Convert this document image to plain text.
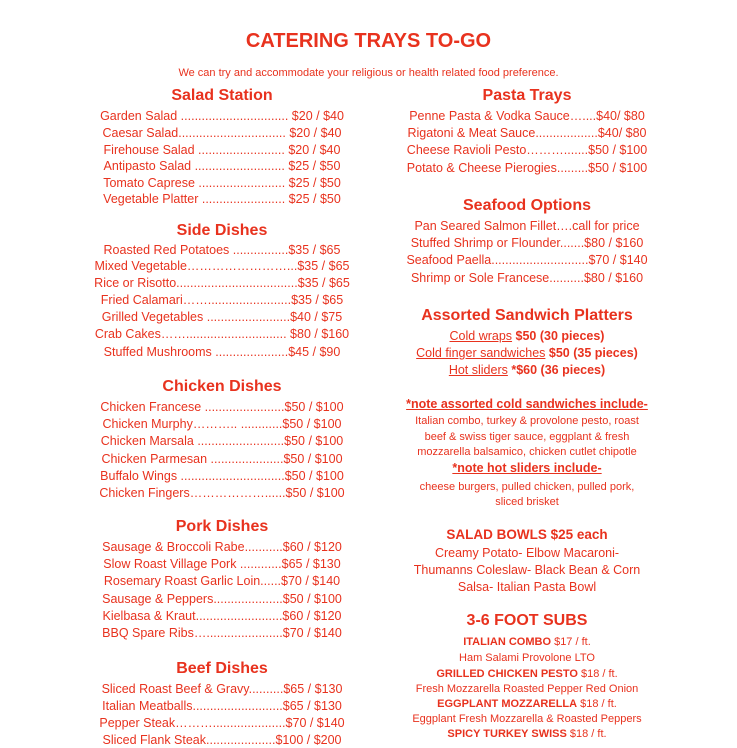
CATERING TRAYS TO-GO
We can try and accommodate your religious or health related food preference.
Salad Station
Garden Salad ............................... $20 / $40
Caesar Salad............................... $20 / $40
Firehouse Salad ......................... $20 / $40
Antipasto Salad .......................... $25 / $50
Tomato Caprese ......................... $25 / $50
Vegetable Platter ........................ $25 / $50
Side Dishes
Roasted Red Potatoes ................$35 / $65
Mixed Vegetable……………………...$35 / $65
Rice or Risotto...................................$35 / $65
Fried Calamari……........................$35 / $65
Grilled Vegetables ........................$40 / $75
Crab Cakes……............................. $80 / $160
Stuffed Mushrooms .....................$45 / $90
Chicken Dishes
Chicken Francese .......................$50 / $100
Chicken Murphy……….. ............$50 / $100
Chicken Marsala .........................$50 / $100
Chicken Parmesan .....................$50 / $100
Buffalo Wings ..............................$50 / $100
Chicken Fingers………………......$50 / $100
Pork Dishes
Sausage & Broccoli Rabe...........$60 / $120
Slow Roast Village Pork ............$65 / $130
Rosemary Roast Garlic Loin......$70 / $140
Sausage & Peppers....................$50 / $100
Kielbasa & Kraut.........................$60 / $120
BBQ Spare Ribs…......................$70 / $140
Beef Dishes
Sliced Roast Beef & Gravy..........$65 / $130
Italian Meatballs..........................$65 / $130
Pepper Steak……….....................$70 / $140
Sliced Flank Steak....................$100 / $200
Pasta Trays
Penne Pasta & Vodka Sauce…....$40/ $80
Rigatoni & Meat Sauce..................$40/ $80
Cheese Ravioli Pesto……….......$50 / $100
Potato & Cheese Pierogies.........$50 / $100
Seafood Options
Pan Seared Salmon Fillet….call for price
Stuffed Shrimp or Flounder.......$80 / $160
Seafood Paella............................$70 / $140
Shrimp or Sole Francese..........$80 / $160
Assorted Sandwich Platters
Cold wraps $50 (30 pieces)
Cold finger sandwiches $50 (35 pieces)
Hot sliders *$60 (36 pieces)
*note assorted cold sandwiches include-
Italian combo, turkey & provolone pesto, roast
beef & swiss tiger sauce, eggplant & fresh
mozzarella balsamico, chicken cutlet chipotle
*note hot sliders include-
cheese burgers, pulled chicken, pulled pork,
sliced brisket
SALAD BOWLS $25 each
Creamy Potato- Elbow Macaroni-
Thumanns Coleslaw- Black Bean & Corn
Salsa- Italian Pasta Bowl
3-6 FOOT SUBS
ITALIAN COMBO $17 / ft.
Ham Salami Provolone LTO
GRILLED CHICKEN PESTO $18 / ft.
Fresh Mozzarella Roasted Pepper Red Onion
EGGPLANT MOZZARELLA $18 / ft.
Eggplant Fresh Mozzarella & Roasted Peppers
SPICY TURKEY SWISS $18 / ft.
